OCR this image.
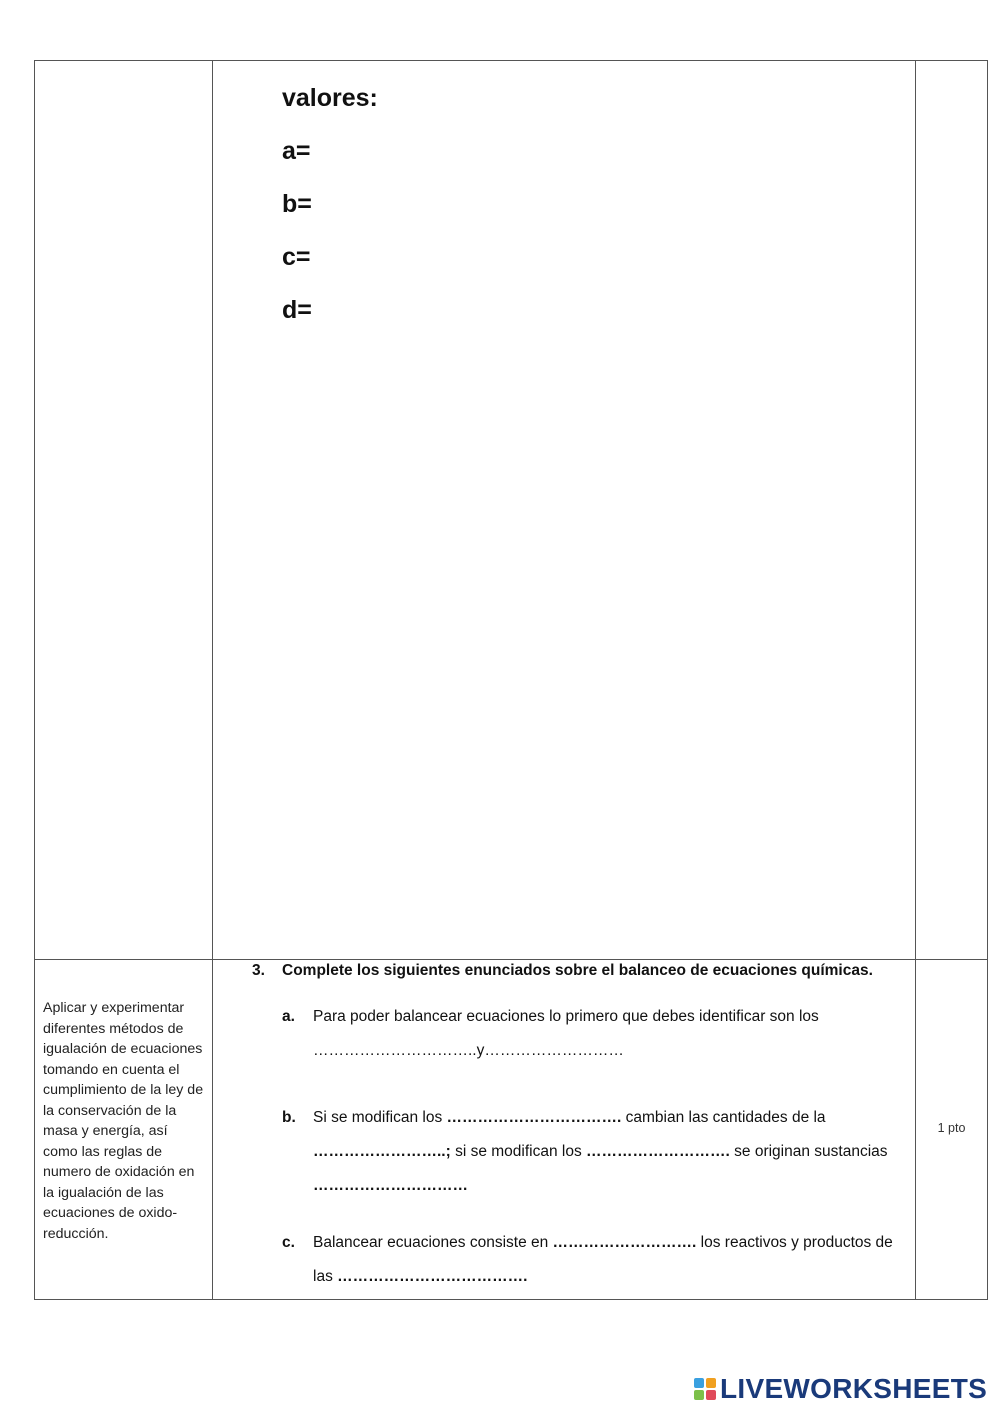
valores:
a=
b=
c=
d=
Aplicar y experimentar diferentes métodos de igualación de ecuaciones tomando en cuenta el cumplimiento de la ley de la conservación de la masa y energía, así como las reglas de numero de oxidación en la igualación de las ecuaciones de oxido-reducción.
3. Complete los siguientes enunciados sobre el balanceo de ecuaciones químicas.
a. Para poder balancear ecuaciones lo primero que debes identificar son los
…………………………..y………………………
b. Si se modifican los ……………………………. cambian las cantidades de la ……………………..; si se modifican los ………………………. se originan sustancias …………………………
c. Balancear ecuaciones consiste en ………………………. los reactivos y productos de las ……………………………….
1 pto
LIVEWORKSHEETS
